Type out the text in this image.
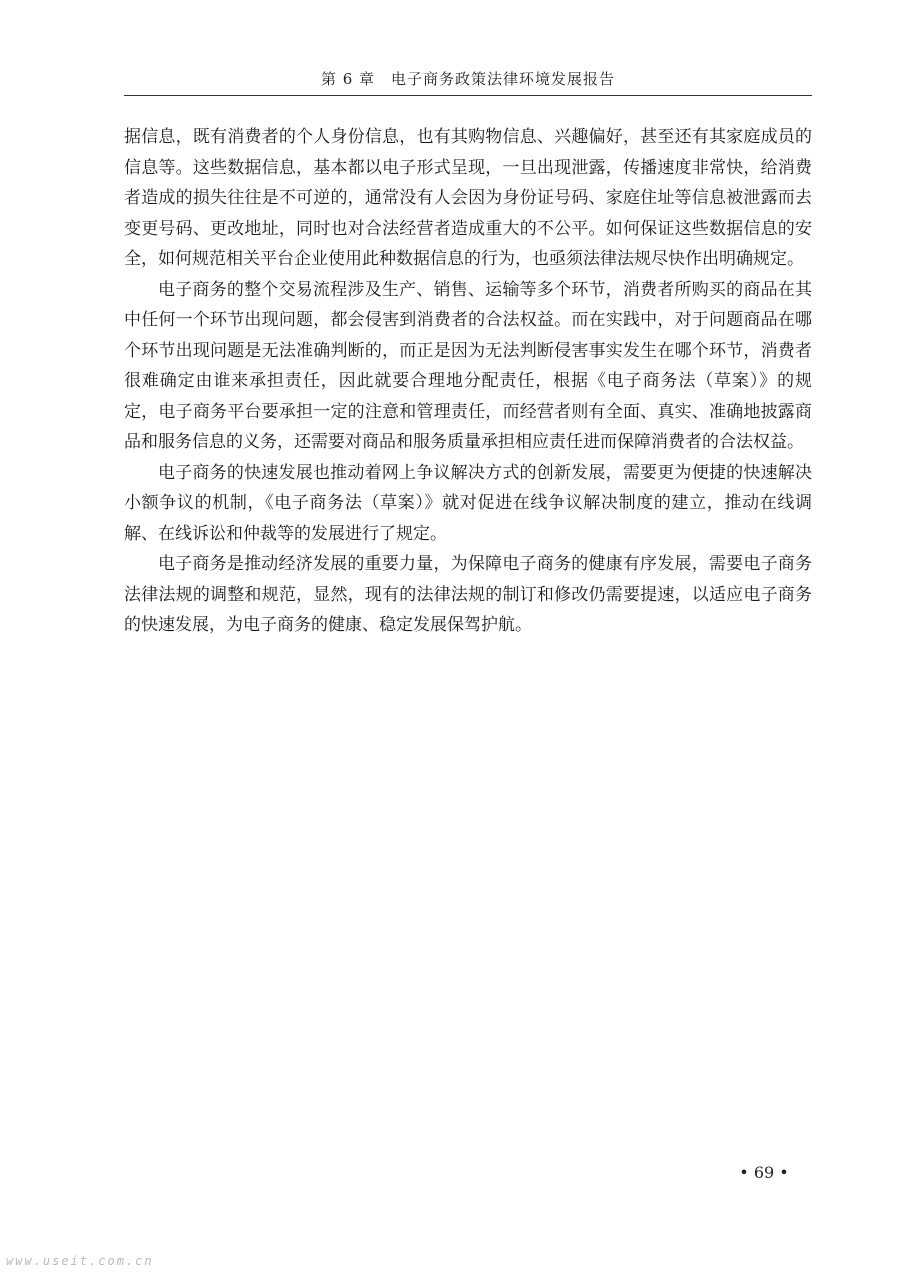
第 6 章　电子商务政策法律环境发展报告

据信息，既有消费者的个人身份信息，也有其购物信息、兴趣偏好，甚至还有其家庭成员的信息等。这些数据信息，基本都以电子形式呈现，一旦出现泄露，传播速度非常快，给消费者造成的损失往往是不可逆的，通常没有人会因为身份证号码、家庭住址等信息被泄露而去变更号码、更改地址，同时也对合法经营者造成重大的不公平。如何保证这些数据信息的安全，如何规范相关平台企业使用此种数据信息的行为，也亟须法律法规尽快作出明确规定。

电子商务的整个交易流程涉及生产、销售、运输等多个环节，消费者所购买的商品在其中任何一个环节出现问题，都会侵害到消费者的合法权益。而在实践中，对于问题商品在哪个环节出现问题是无法准确判断的，而正是因为无法判断侵害事实发生在哪个环节，消费者很难确定由谁来承担责任，因此就要合理地分配责任，根据《电子商务法（草案）》的规定，电子商务平台要承担一定的注意和管理责任，而经营者则有全面、真实、准确地披露商品和服务信息的义务，还需要对商品和服务质量承担相应责任进而保障消费者的合法权益。

电子商务的快速发展也推动着网上争议解决方式的创新发展，需要更为便捷的快速解决小额争议的机制，《电子商务法（草案）》就对促进在线争议解决制度的建立，推动在线调解、在线诉讼和仲裁等的发展进行了规定。

电子商务是推动经济发展的重要力量，为保障电子商务的健康有序发展，需要电子商务法律法规的调整和规范，显然，现有的法律法规的制订和修改仍需要提速，以适应电子商务的快速发展，为电子商务的健康、稳定发展保驾护航。

• 69 •
www.useit.com.cn
